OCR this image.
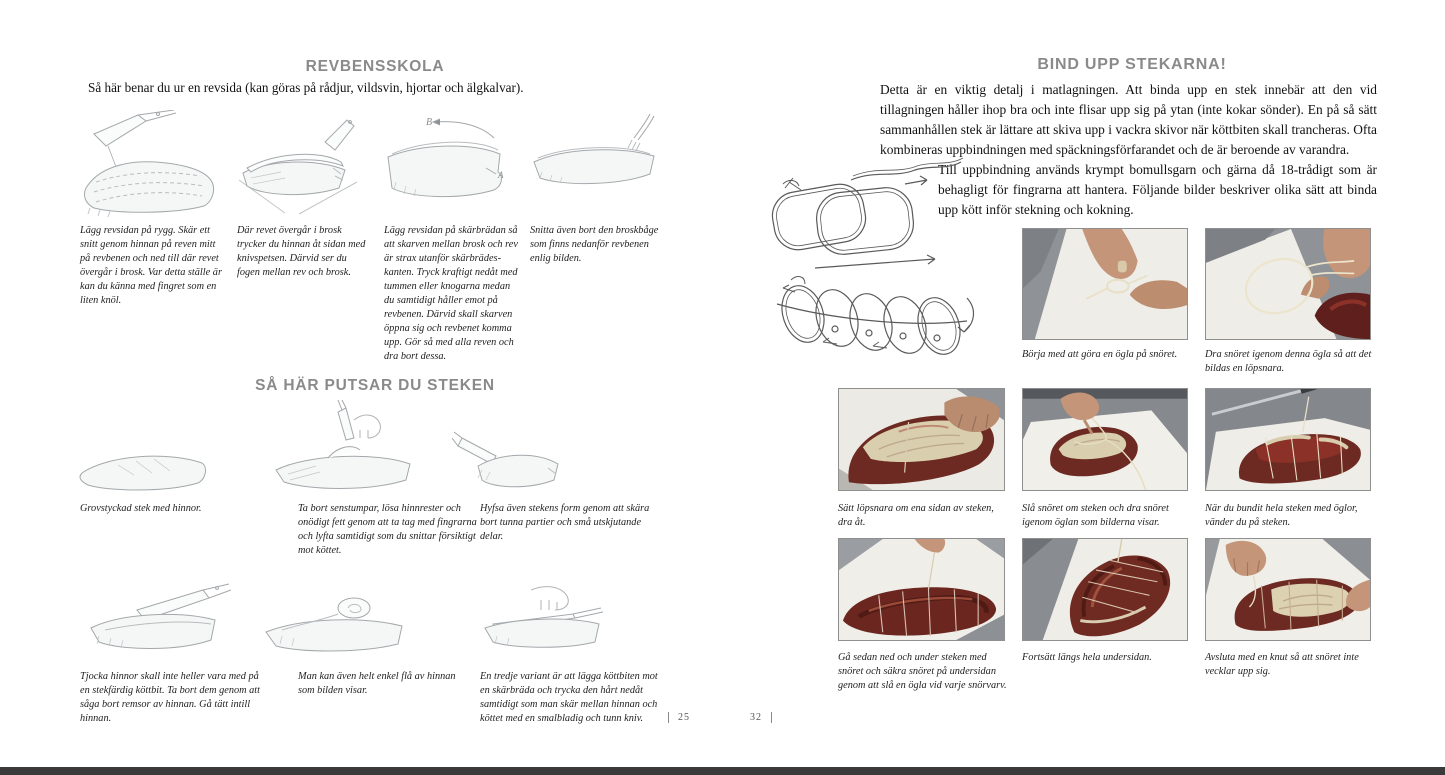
REVBENSSKOLA
Så här benar du ur en revsida (kan göras på rådjur, vildsvin, hjortar och älgkalvar).
B
A
Lägg revsidan på rygg. Skär ett snitt genom hinnan på reven mitt på revbenen och ned till där revet övergår i brosk. Var detta ställe är kan du känna med fingret som en liten knöl.
Där revet övergår i brosk trycker du hinnan åt sidan med knivspetsen. Därvid ser du fogen mellan rev och brosk.
Lägg revsidan på skärbrädan så att skarven mellan brosk och rev är strax utanför skärbrädeskanten. Tryck kraftigt nedåt med tummen eller knogarna medan du samtidigt håller emot på revbenen. Därvid skall skarven öppna sig och revbenet komma upp. Gör så med alla reven och dra bort dessa.
Snitta även bort den broskbåge som finns nedanför revbenen enlig bilden.
SÅ HÄR PUTSAR DU STEKEN
Grovstyckad stek med hinnor.	Ta bort senstumpar, lösa hinnrester och onödigt fett genom att ta tag med fingrarna och lyfta samtidigt som du snittar försiktigt mot köttet.
Hyfsa även stekens form genom att skära bort tunna partier och små utskjutande delar.
Tjocka hinnor skall inte heller vara med på en stekfärdig köttbit. Ta bort dem genom att såga bort remsor av hinnan. Gå tätt intill hinnan.
Man kan även helt enkel flå av hinnan som bilden visar.
En tredje variant är att lägga köttbiten mot en skärbräda och trycka den hårt nedåt samtidigt som man skär mellan hinnan och köttet med en smalbladig och tunn kniv.	25
BIND UPP STEKARNA!
Detta är en viktig detalj i matlagningen. Att binda upp en stek innebär att den vid tillagningen håller ihop bra och inte flisar upp sig på ytan (inte kokar sönder). En på så sätt sammanhållen stek är lättare att skiva upp i vackra skivor när köttbiten skall trancheras. Ofta kombineras uppbindningen med späckningsförfarandet och de är beroende av varandra.
Till uppbindning används krympt bomullsgarn och gärna då 18-trådigt som är behagligt för fingrarna att hantera. Följande bilder beskriver olika sätt att binda upp kött inför stekning och kokning.
Börja med att göra en ögla på snöret.	Dra snöret igenom denna ögla så att det bildas en löpsnara.
Sätt löpsnara om ena sidan av steken, dra åt.
Slå snöret om steken och dra snöret igenom öglan som bilderna visar.
När du bundit hela steken med öglor, vänder du på steken.
Gå sedan ned och under steken med snöret och säkra snöret på undersidan genom att slå en ögla vid varje snörvarv.
Fortsätt längs hela undersidan.	Avsluta med en knut så att snöret inte vecklar upp sig.
32
